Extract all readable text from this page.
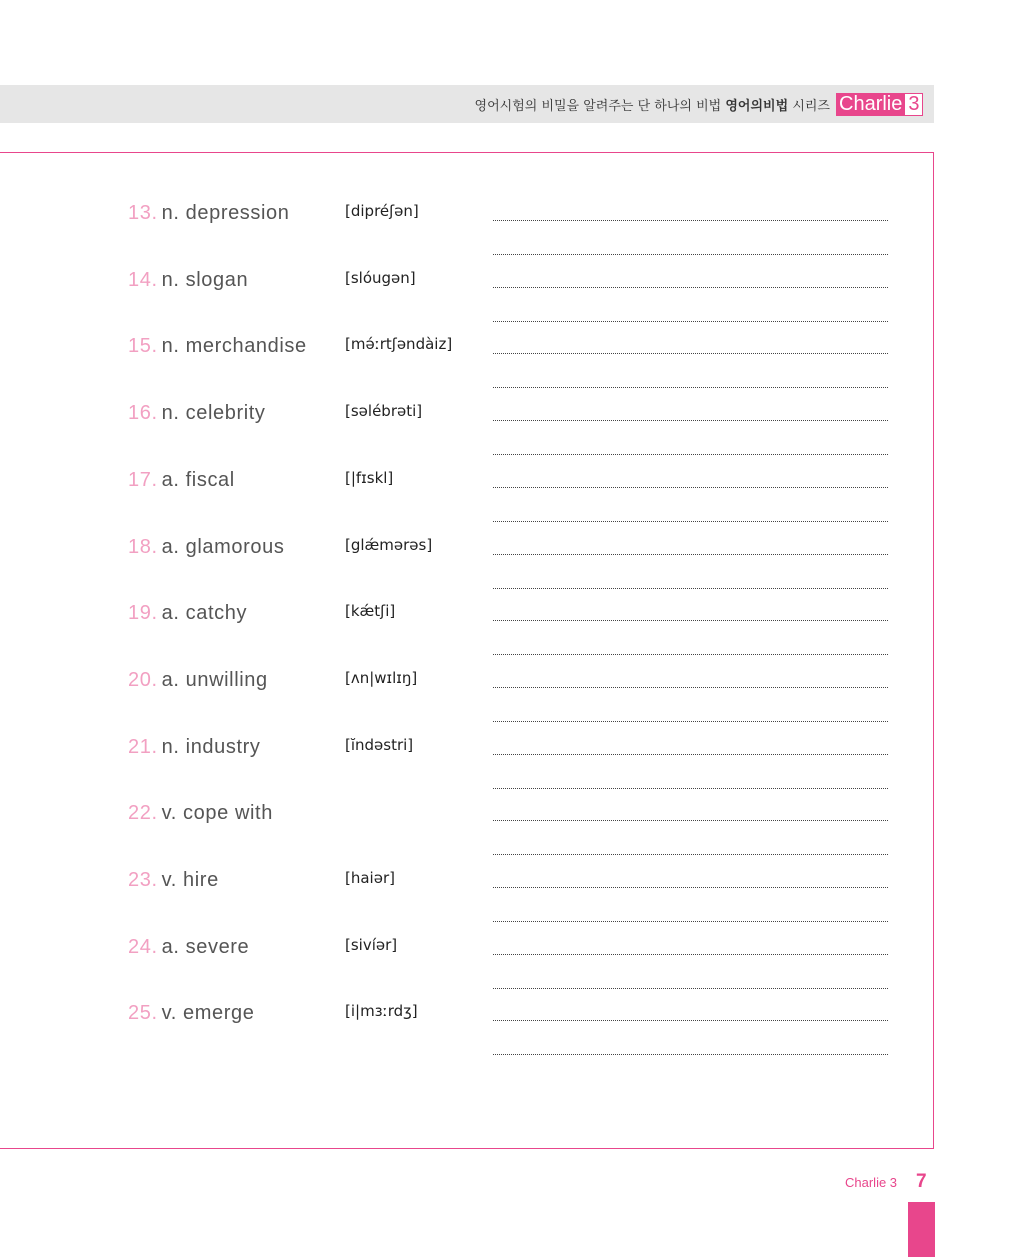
영어시험의 비밀을 알려주는 단 하나의 비법 영어의비법 시리즈 Charlie 3
13. n. depression	[dipréʃən]
14. n. slogan	[slóugən]
15. n. merchandise	[mə́ːrtʃəndàiz]
16. n. celebrity	[səlébrəti]
17. a. fiscal	[|fɪskl]
18. a. glamorous	[glǽmərəs]
19. a. catchy	[kǽtʃi]
20. a. unwilling	[ʌn|wɪlɪŋ]
21. n. industry	[ĭndəstri]
22. v. cope with
23. v. hire	[haiər]
24. a. severe	[sivíər]
25. v. emerge	[i|mɜːrdʒ]
Charlie 3 7
